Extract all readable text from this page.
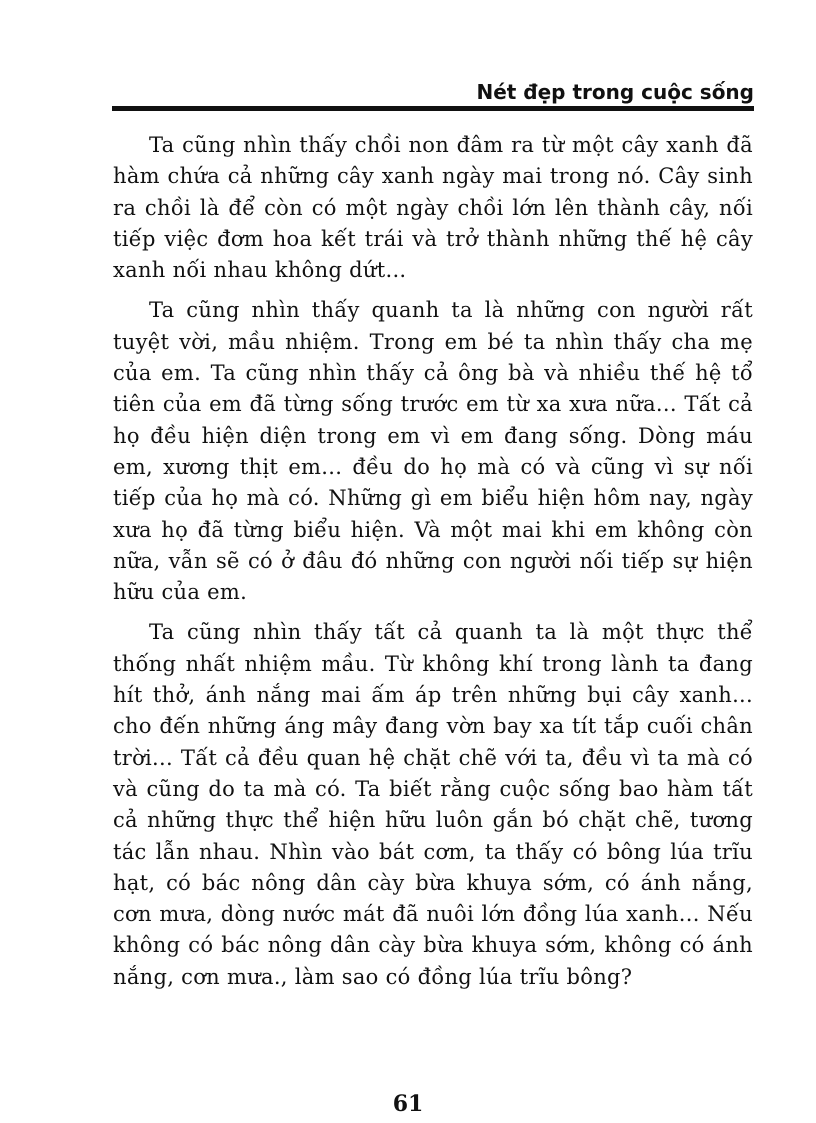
Nét đẹp trong cuộc sống

Ta cũng nhìn thấy chồi non đâm ra từ một cây xanh đã hàm chứa cả những cây xanh ngày mai trong nó. Cây sinh ra chồi là để còn có một ngày chồi lớn lên thành cây, nối tiếp việc đơm hoa kết trái và trở thành những thế hệ cây xanh nối nhau không dứt...

Ta cũng nhìn thấy quanh ta là những con người rất tuyệt vời, mầu nhiệm. Trong em bé ta nhìn thấy cha mẹ của em. Ta cũng nhìn thấy cả ông bà và nhiều thế hệ tổ tiên của em đã từng sống trước em từ xa xưa nữa... Tất cả họ đều hiện diện trong em vì em đang sống. Dòng máu em, xương thịt em... đều do họ mà có và cũng vì sự nối tiếp của họ mà có. Những gì em biểu hiện hôm nay, ngày xưa họ đã từng biểu hiện. Và một mai khi em không còn nữa, vẫn sẽ có ở đâu đó những con người nối tiếp sự hiện hữu của em.

Ta cũng nhìn thấy tất cả quanh ta là một thực thể thống nhất nhiệm mầu. Từ không khí trong lành ta đang hít thở, ánh nắng mai ấm áp trên những bụi cây xanh... cho đến những áng mây đang vờn bay xa tít tắp cuối chân trời... Tất cả đều quan hệ chặt chẽ với ta, đều vì ta mà có và cũng do ta mà có. Ta biết rằng cuộc sống bao hàm tất cả những thực thể hiện hữu luôn gắn bó chặt chẽ, tương tác lẫn nhau. Nhìn vào bát cơm, ta thấy có bông lúa trĩu hạt, có bác nông dân cày bừa khuya sớm, có ánh nắng, cơn mưa, dòng nước mát đã nuôi lớn đồng lúa xanh... Nếu không có bác nông dân cày bừa khuya sớm, không có ánh nắng, cơn mưa., làm sao có đồng lúa trĩu bông?

61
